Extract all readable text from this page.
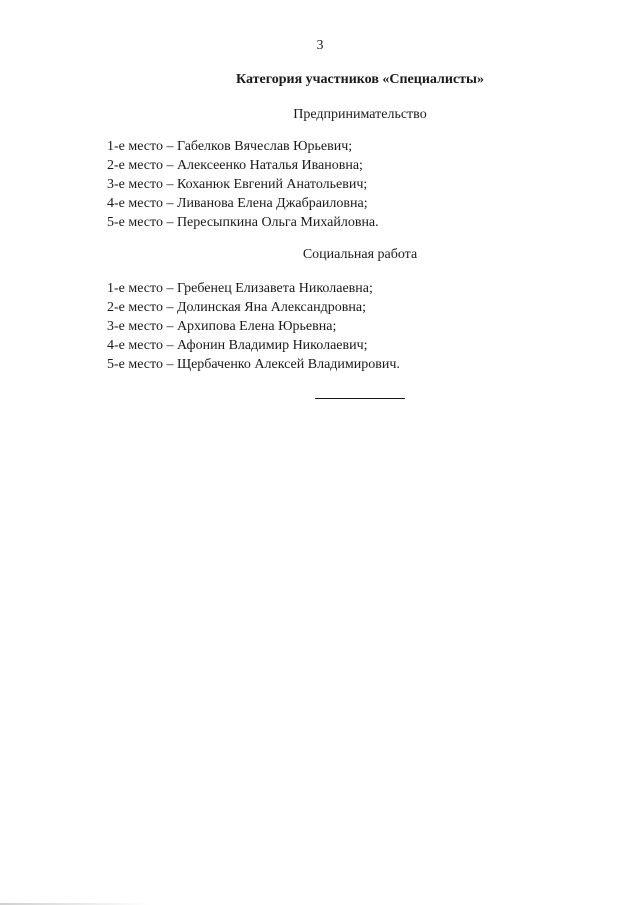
3
Категория участников «Специалисты»
Предпринимательство
1-е место – Габелков Вячеслав Юрьевич;
2-е место – Алексеенко Наталья Ивановна;
3-е место – Коханюк Евгений Анатольевич;
4-е место – Ливанова Елена Джабраиловна;
5-е место – Пересыпкина Ольга Михайловна.
Социальная работа
1-е место – Гребенец Елизавета Николаевна;
2-е место – Долинская Яна Александровна;
3-е место – Архипова Елена Юрьевна;
4-е место – Афонин Владимир Николаевич;
5-е место – Щербаченко Алексей Владимирович.
